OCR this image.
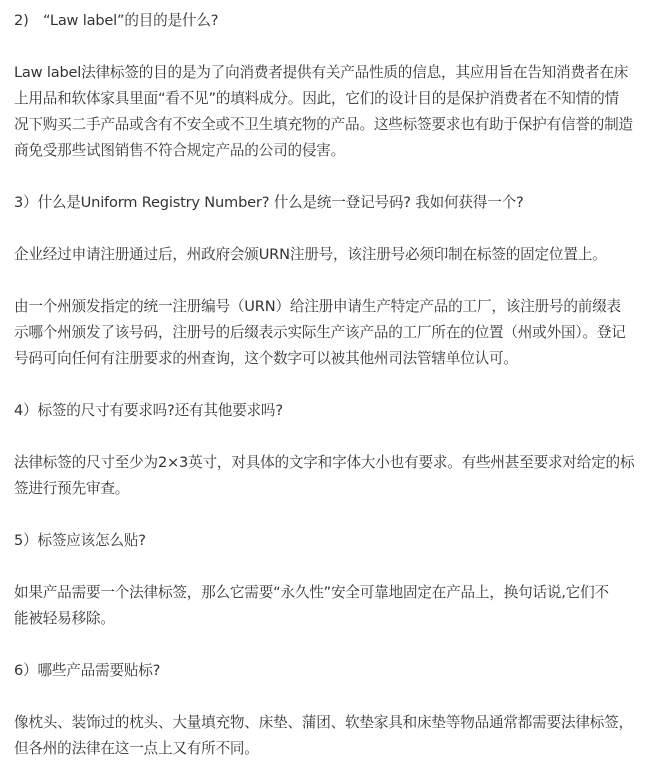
2)　“Law label”的目的是什么?
Law label法律标签的目的是为了向消费者提供有关产品性质的信息，其应用旨在告知消费者在床
上用品和软体家具里面“看不见”的填料成分。因此，它们的设计目的是保护消费者在不知情的情
况下购买二手产品或含有不安全或不卫生填充物的产品。这些标签要求也有助于保护有信誉的制造
商免受那些试图销售不符合规定产品的公司的侵害。
3）什么是Uniform Registry Number? 什么是统一登记号码? 我如何获得一个?
企业经过申请注册通过后，州政府会颁URN注册号，该注册号必须印制在标签的固定位置上。
由一个州颁发指定的统一注册编号（URN）给注册申请生产特定产品的工厂，该注册号的前缀表
示哪个州颁发了该号码，注册号的后缀表示实际生产该产品的工厂所在的位置（州或外国）。登记
号码可向任何有注册要求的州查询，这个数字可以被其他州司法管辖单位认可。
4）标签的尺寸有要求吗?还有其他要求吗?
法律标签的尺寸至少为2×3英寸，对具体的文字和字体大小也有要求。有些州甚至要求对给定的标
签进行预先审查。
5）标签应该怎么贴?
如果产品需要一个法律标签，那么它需要“永久性”安全可靠地固定在产品上，换句话说,它们不
能被轻易移除。
6）哪些产品需要贴标?
像枕头、装饰过的枕头、大量填充物、床垫、蒲团、软垫家具和床垫等物品通常都需要法律标签，
但各州的法律在这一点上又有所不同。
